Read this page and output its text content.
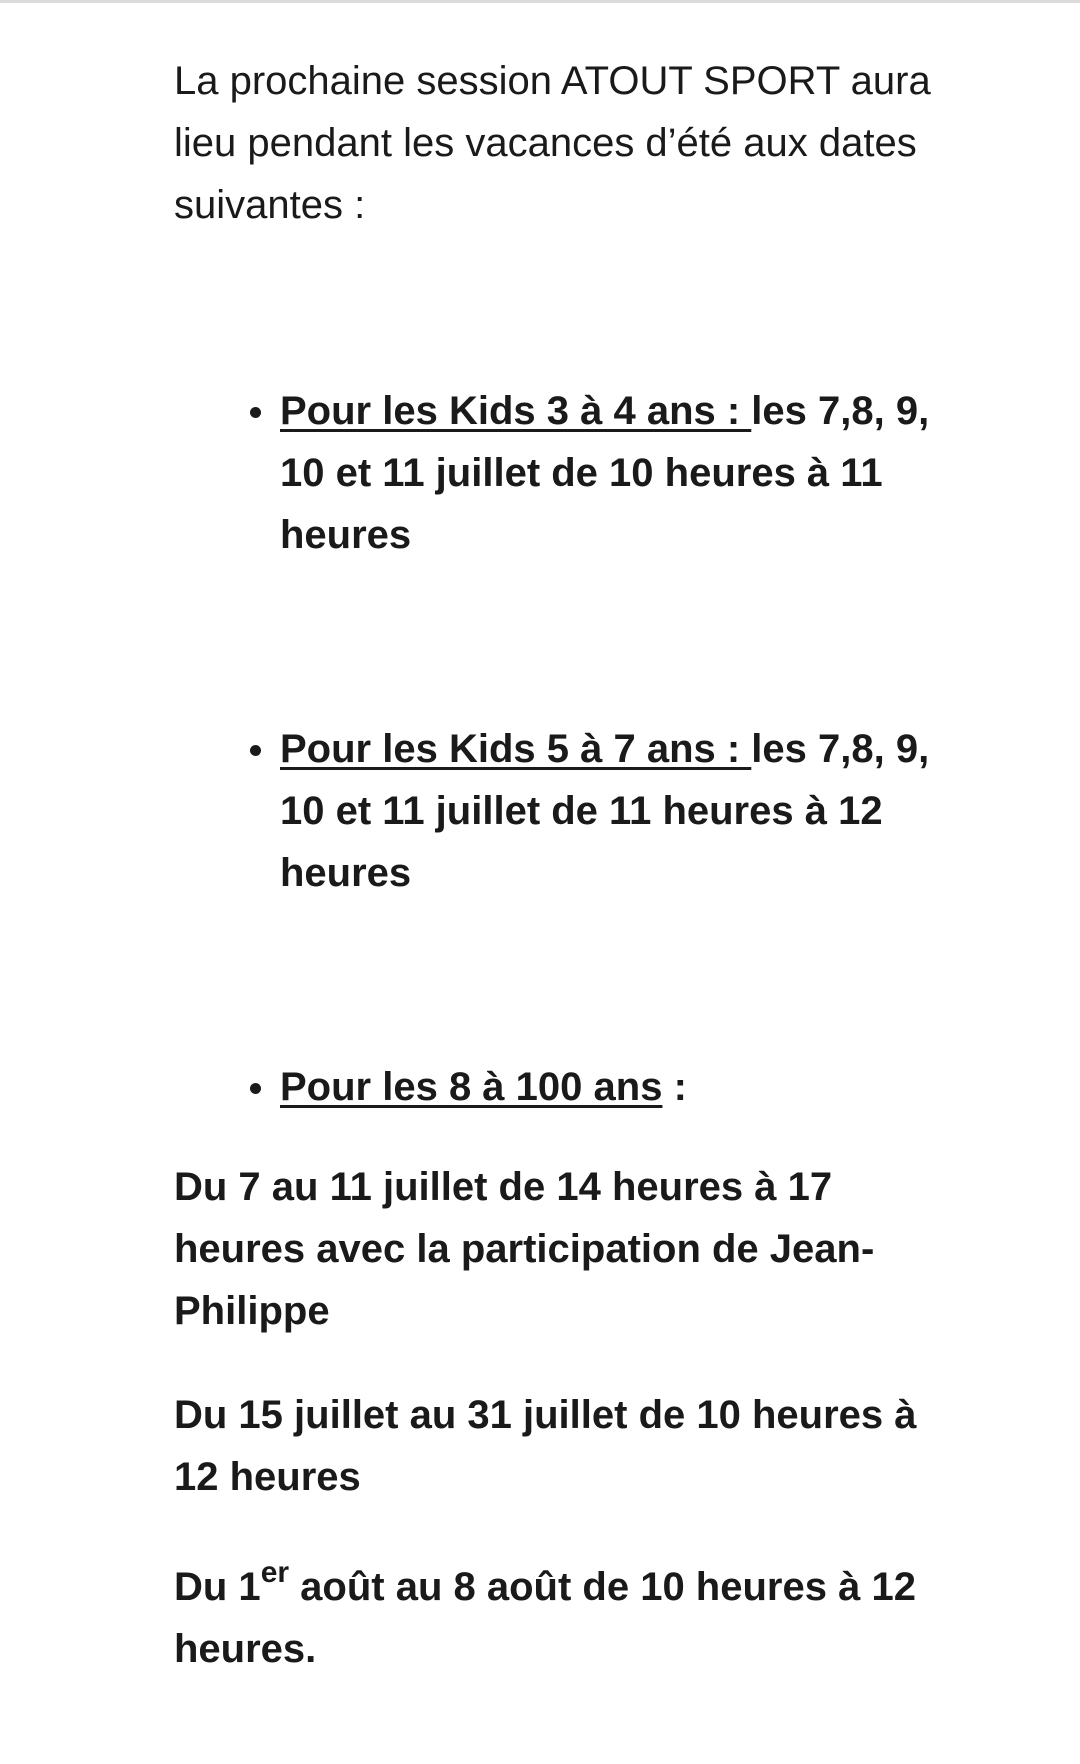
La prochaine session ATOUT SPORT aura lieu pendant les vacances d’été aux dates suivantes :

Pour les Kids 3 à 4 ans : les 7,8, 9, 10 et 11 juillet de 10 heures à 11 heures
Pour les Kids 5 à 7 ans : les 7,8, 9, 10 et 11 juillet de 11 heures à 12 heures
Pour les 8 à 100 ans :

Du 7 au 11 juillet de 14 heures à 17 heures avec la participation de Jean-Philippe

Du 15 juillet au 31 juillet de 10 heures à 12 heures

Du 1er août au 8 août de 10 heures à 12 heures.
